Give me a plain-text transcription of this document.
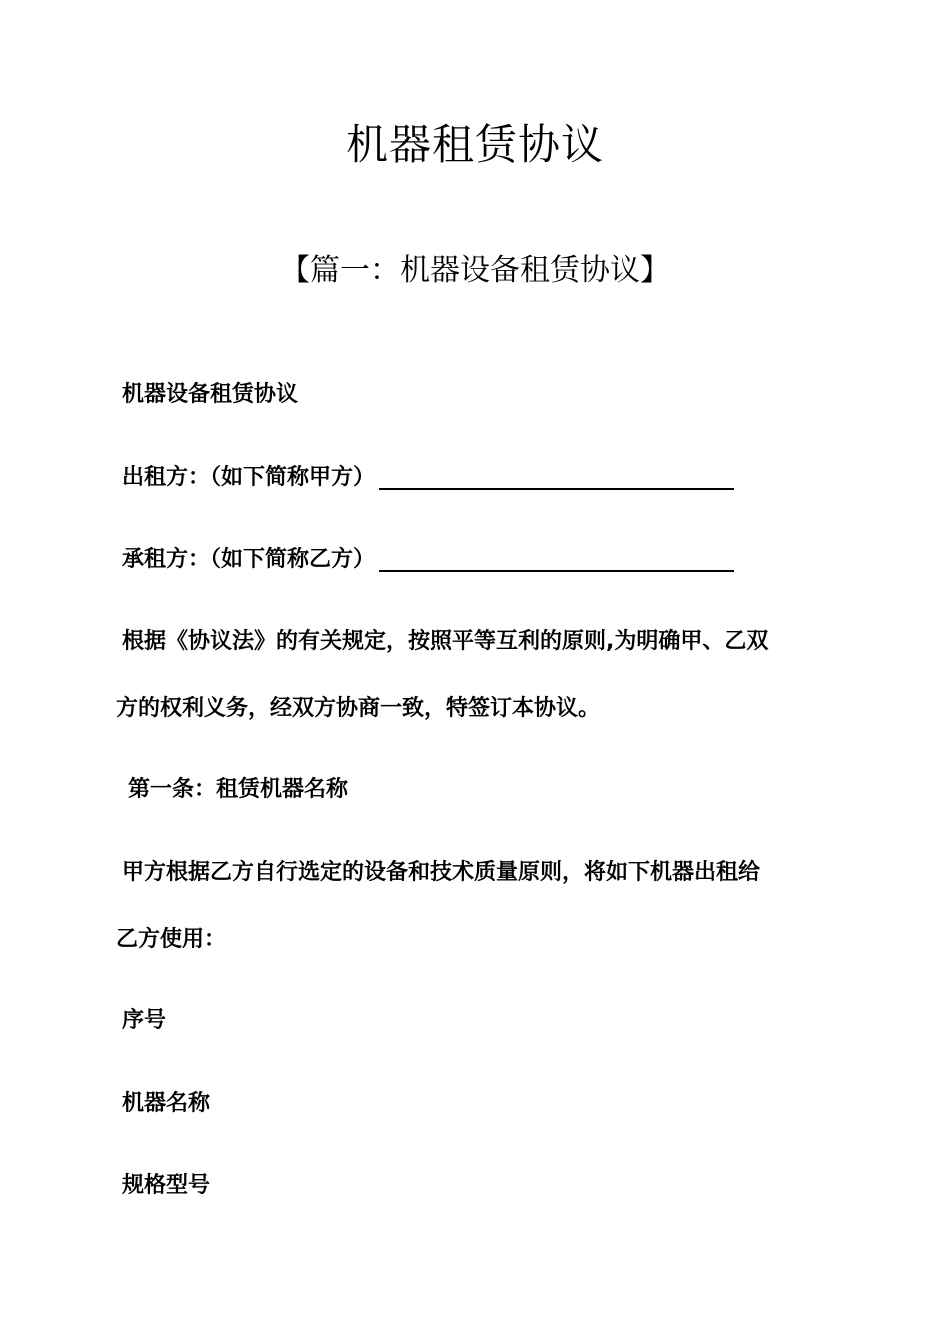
机器租赁协议
【篇一：机器设备租赁协议】
机器设备租赁协议
出租方：（如下简称甲方）
承租方：（如下简称乙方）
根据《协议法》的有关规定，按照平等互利的原则,为明确甲、乙双
方的权利义务，经双方协商一致，特签订本协议。
第一条：租赁机器名称
甲方根据乙方自行选定的设备和技术质量原则，将如下机器出租给
乙方使用：
序号
机器名称
规格型号
